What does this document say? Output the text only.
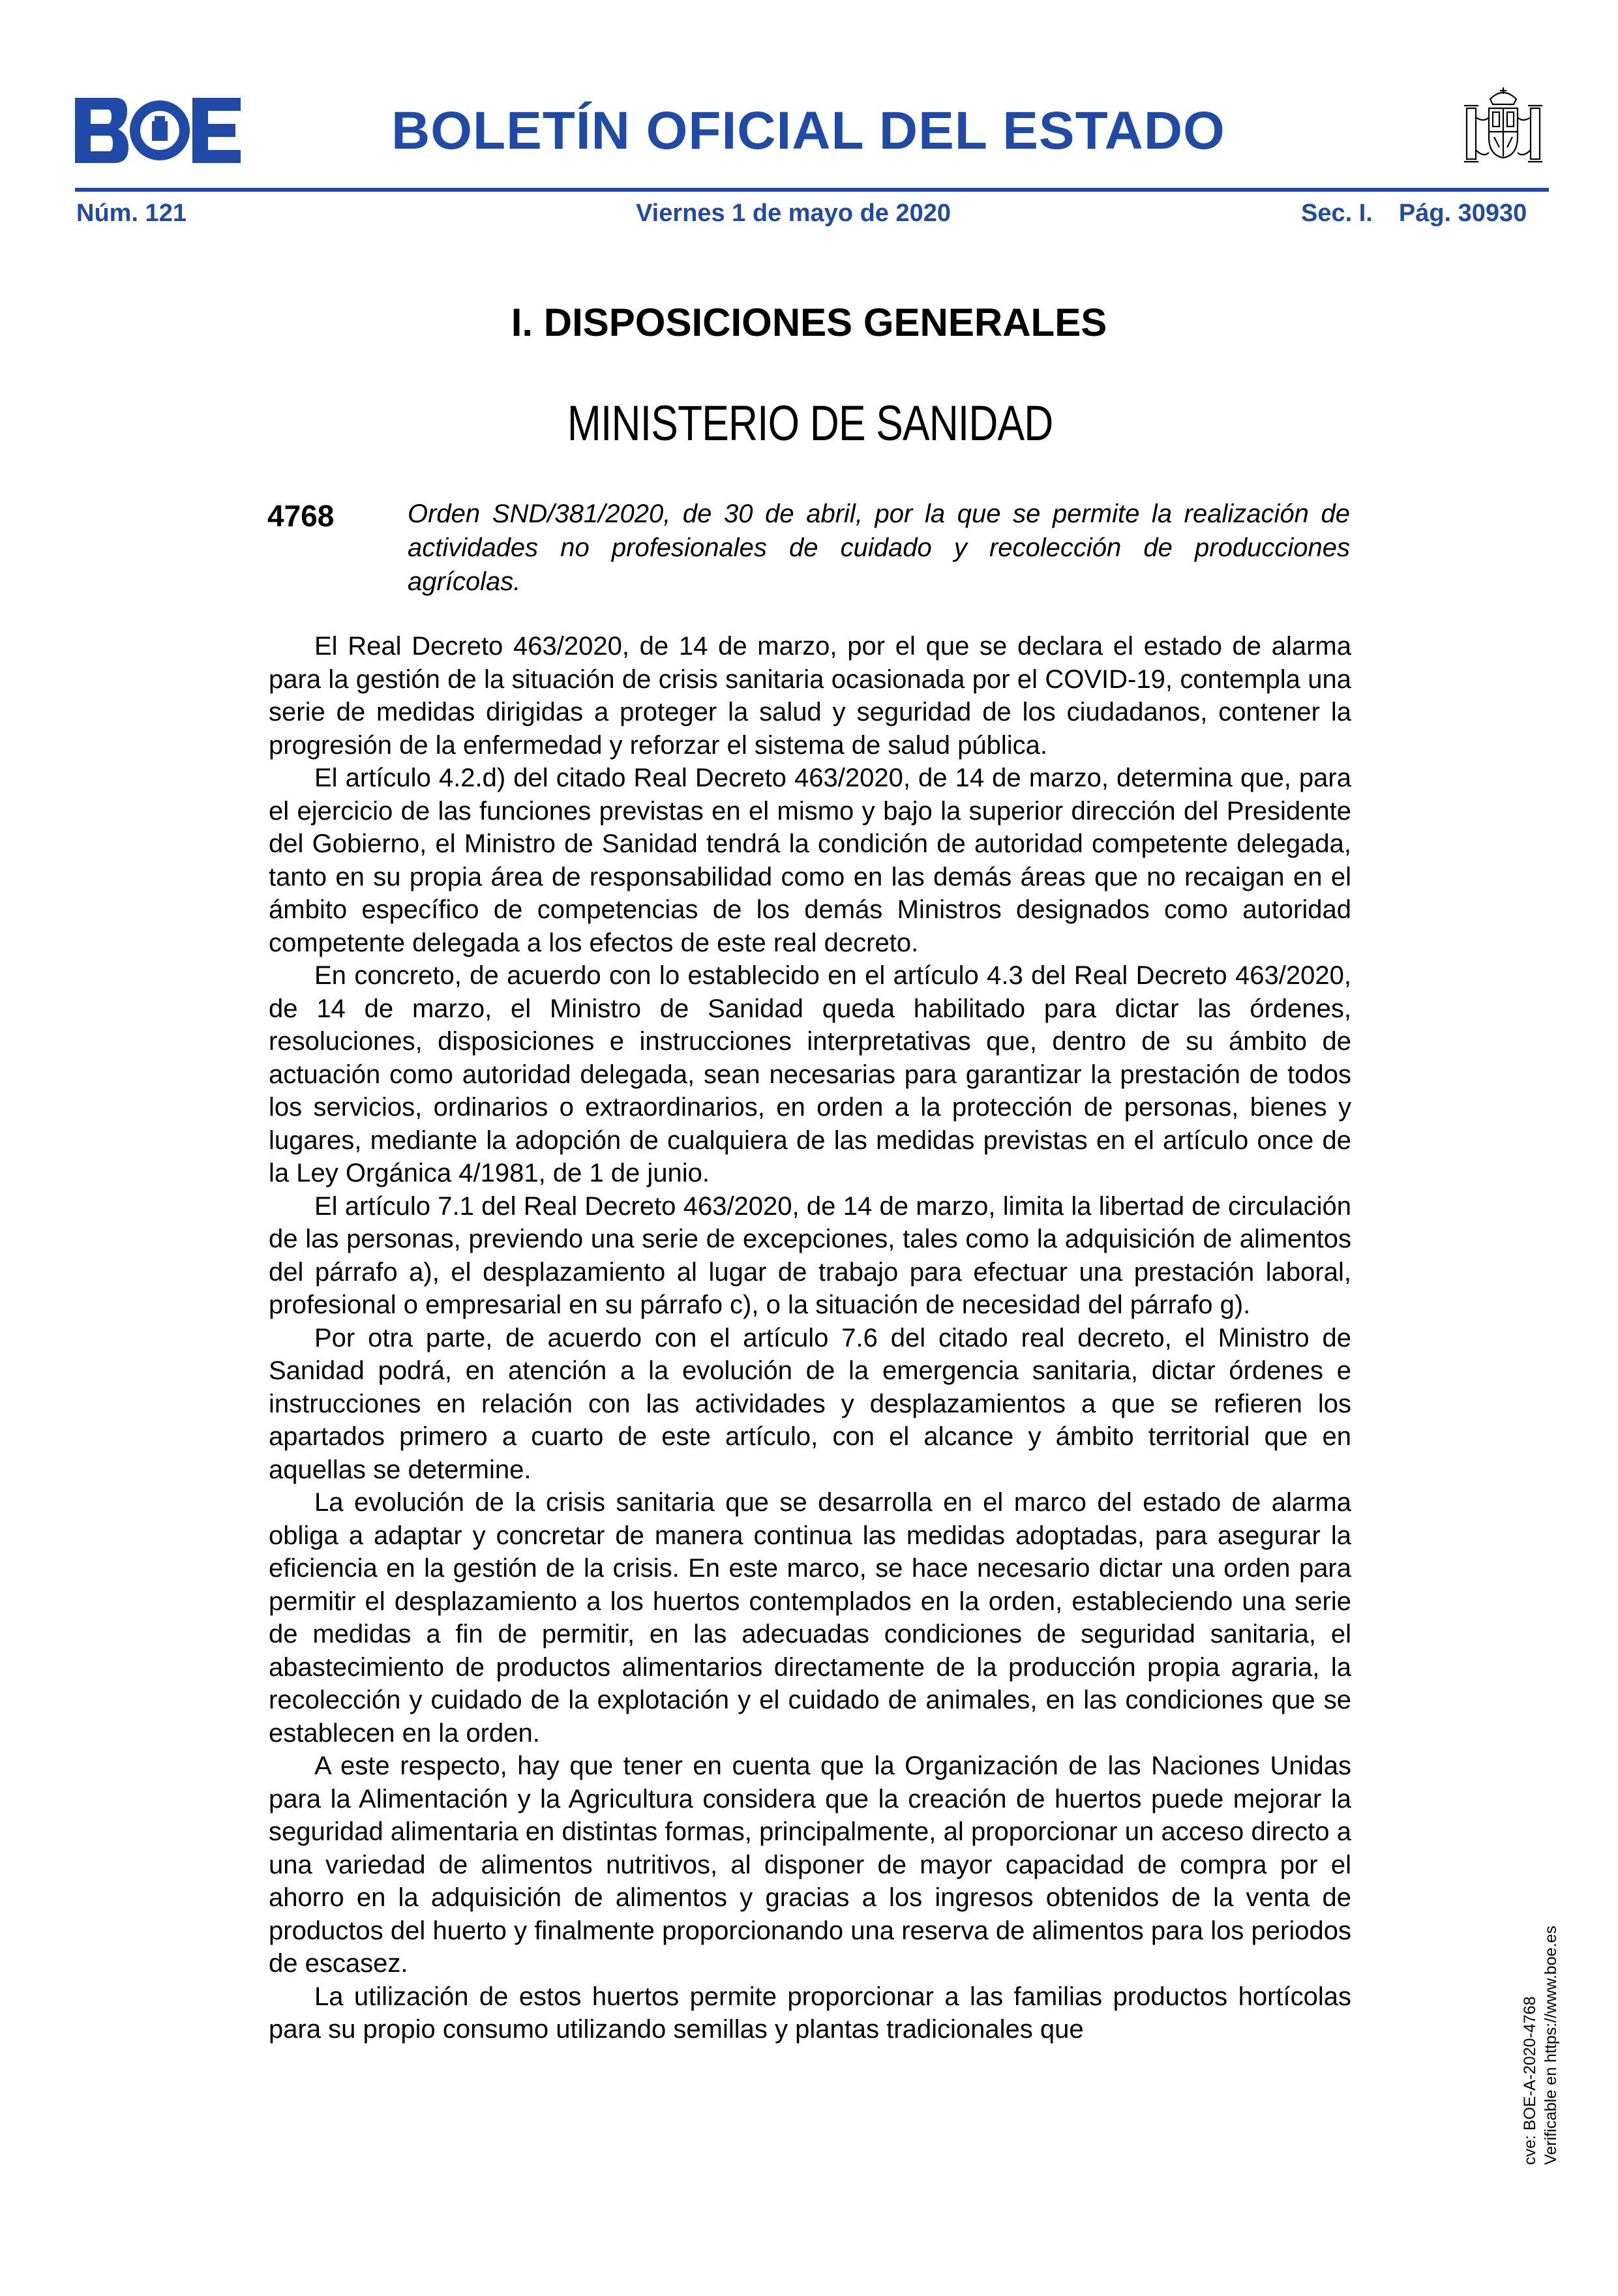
BOLETÍN OFICIAL DEL ESTADO
Núm. 121	Viernes 1 de mayo de 2020	Sec. I. Pág. 30930
I. DISPOSICIONES GENERALES
MINISTERIO DE SANIDAD
4768	Orden SND/381/2020, de 30 de abril, por la que se permite la realización de actividades no profesionales de cuidado y recolección de producciones agrícolas.

El Real Decreto 463/2020, de 14 de marzo, por el que se declara el estado de alarma para la gestión de la situación de crisis sanitaria ocasionada por el COVID-19, contempla una serie de medidas dirigidas a proteger la salud y seguridad de los ciudadanos, contener la progresión de la enfermedad y reforzar el sistema de salud pública.

El artículo 4.2.d) del citado Real Decreto 463/2020, de 14 de marzo, determina que, para el ejercicio de las funciones previstas en el mismo y bajo la superior dirección del Presidente del Gobierno, el Ministro de Sanidad tendrá la condición de autoridad competente delegada, tanto en su propia área de responsabilidad como en las demás áreas que no recaigan en el ámbito específico de competencias de los demás Ministros designados como autoridad competente delegada a los efectos de este real decreto.

En concreto, de acuerdo con lo establecido en el artículo 4.3 del Real Decreto 463/2020, de 14 de marzo, el Ministro de Sanidad queda habilitado para dictar las órdenes, resoluciones, disposiciones e instrucciones interpretativas que, dentro de su ámbito de actuación como autoridad delegada, sean necesarias para garantizar la prestación de todos los servicios, ordinarios o extraordinarios, en orden a la protección de personas, bienes y lugares, mediante la adopción de cualquiera de las medidas previstas en el artículo once de la Ley Orgánica 4/1981, de 1 de junio.

El artículo 7.1 del Real Decreto 463/2020, de 14 de marzo, limita la libertad de circulación de las personas, previendo una serie de excepciones, tales como la adquisición de alimentos del párrafo a), el desplazamiento al lugar de trabajo para efectuar una prestación laboral, profesional o empresarial en su párrafo c), o la situación de necesidad del párrafo g).

Por otra parte, de acuerdo con el artículo 7.6 del citado real decreto, el Ministro de Sanidad podrá, en atención a la evolución de la emergencia sanitaria, dictar órdenes e instrucciones en relación con las actividades y desplazamientos a que se refieren los apartados primero a cuarto de este artículo, con el alcance y ámbito territorial que en aquellas se determine.

La evolución de la crisis sanitaria que se desarrolla en el marco del estado de alarma obliga a adaptar y concretar de manera continua las medidas adoptadas, para asegurar la eficiencia en la gestión de la crisis. En este marco, se hace necesario dictar una orden para permitir el desplazamiento a los huertos contemplados en la orden, estableciendo una serie de medidas a fin de permitir, en las adecuadas condiciones de seguridad sanitaria, el abastecimiento de productos alimentarios directamente de la producción propia agraria, la recolección y cuidado de la explotación y el cuidado de animales, en las condiciones que se establecen en la orden.

A este respecto, hay que tener en cuenta que la Organización de las Naciones Unidas para la Alimentación y la Agricultura considera que la creación de huertos puede mejorar la seguridad alimentaria en distintas formas, principalmente, al proporcionar un acceso directo a una variedad de alimentos nutritivos, al disponer de mayor capacidad de compra por el ahorro en la adquisición de alimentos y gracias a los ingresos obtenidos de la venta de productos del huerto y finalmente proporcionando una reserva de alimentos para los periodos de escasez.

La utilización de estos huertos permite proporcionar a las familias productos hortícolas para su propio consumo utilizando semillas y plantas tradicionales que	cve: BOE-A-2020-4768 Verificable en https://www.boe.es
